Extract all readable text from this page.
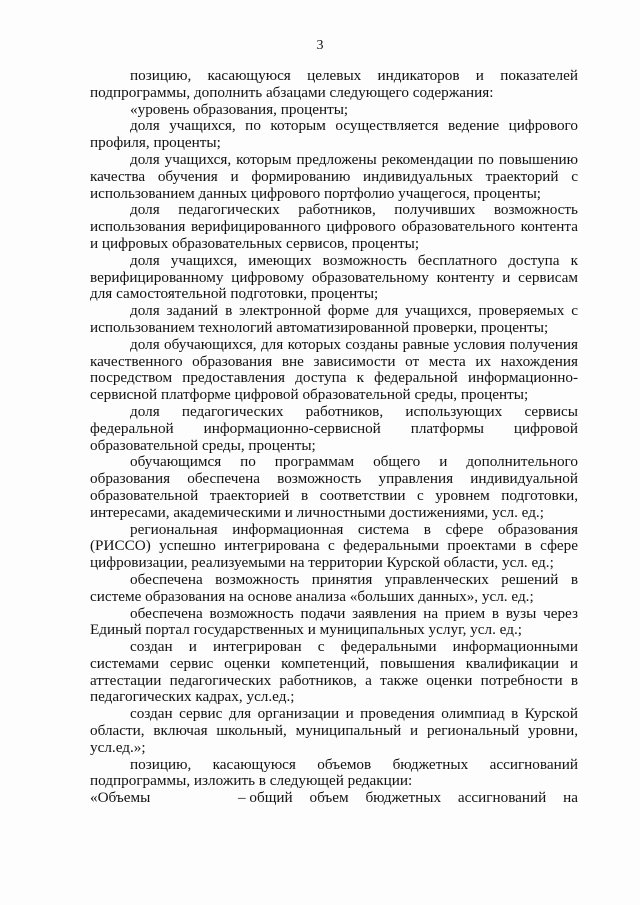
3

позицию, касающуюся целевых индикаторов и показателей подпрограммы, дополнить абзацами следующего содержания:

«уровень образования, проценты;

доля учащихся, по которым осуществляется ведение цифрового профиля, проценты;

доля учащихся, которым предложены рекомендации по повышению качества обучения и формированию индивидуальных траекторий с использованием данных цифрового портфолио учащегося, проценты;

доля педагогических работников, получивших возможность использования верифицированного цифрового образовательного контента и цифровых образовательных сервисов, проценты;

доля учащихся, имеющих возможность бесплатного доступа к верифицированному цифровому образовательному контенту и сервисам для самостоятельной подготовки, проценты;

доля заданий в электронной форме для учащихся, проверяемых с использованием технологий автоматизированной проверки, проценты;

доля обучающихся, для которых созданы равные условия получения качественного образования вне зависимости от места их нахождения посредством предоставления доступа к федеральной информационно-сервисной платформе цифровой образовательной среды, проценты;

доля педагогических работников, использующих сервисы федеральной информационно-сервисной платформы цифровой образовательной среды, проценты;

обучающимся по программам общего и дополнительного образования обеспечена возможность управления индивидуальной образовательной траекторией в соответствии с уровнем подготовки, интересами, академическими и личностными достижениями, усл. ед.;

региональная информационная система в сфере образования (РИССО) успешно интегрирована с федеральными проектами в сфере цифровизации, реализуемыми на территории Курской области, усл. ед.;

обеспечена возможность принятия управленческих решений в системе образования на основе анализа «больших данных», усл. ед.;

обеспечена возможность подачи заявления на прием в вузы через Единый портал государственных и муниципальных услуг, усл. ед.;

создан и интегрирован с федеральными информационными системами сервис оценки компетенций, повышения квалификации и аттестации педагогических работников, а также оценки потребности в педагогических кадрах, усл.ед.;

создан сервис для организации и проведения олимпиад в Курской области, включая школьный, муниципальный и региональный уровни, усл.ед.»;

позицию, касающуюся объемов бюджетных ассигнований подпрограммы, изложить в следующей редакции:

«Объемы	– общий объем бюджетных ассигнований на
